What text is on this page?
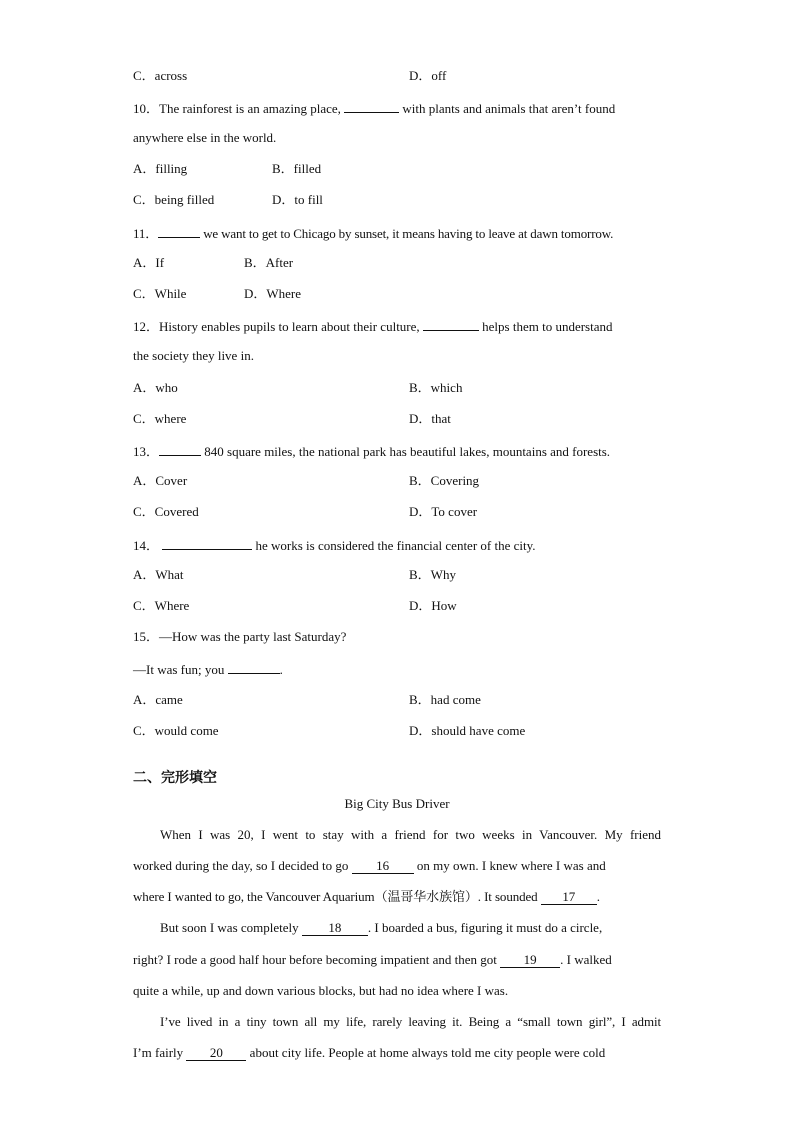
C．across	D．off
10．The rainforest is an amazing place,	with plants and animals that aren’t found
anywhere else in the world.
A．filling	B．filled
C．being filled	D．to fill
11．	we want to get to Chicago by sunset, it means having to leave at dawn tomorrow.
A．If	B．After
C．While	D．Where
12．History enables pupils to learn about their culture,	helps them to understand
the society they live in.
A．who	B．which
C．where	D．that
13．	840 square miles, the national park has beautiful lakes, mountains and forests.
A．Cover	B．Covering
C．Covered	D．To cover
14．	he works is considered the financial center of the city.
A．What	B．Why
C．Where	D．How
15．—How was the party last Saturday?
—It was fun; you	.
A．came	B．had come
C．would come	D．should have come
二、完形填空
Big City Bus Driver
When I was 20, I went to stay with a friend for two weeks in Vancouver. My friend
worked during the day, so I decided to go 16 on my own. I knew where I was and
where I wanted to go, the Vancouver Aquarium（温哥华水族馆）. It sounded 17 .
But soon I was completely 18 . I boarded a bus, figuring it must do a circle,
right? I rode a good half hour before becoming impatient and then got 19 . I walked
quite a while, up and down various blocks, but had no idea where I was.
I’ve lived in a tiny town all my life, rarely leaving it. Being a “small town girl”, I admit
I’m fairly 20 about city life. People at home always told me city people were cold
